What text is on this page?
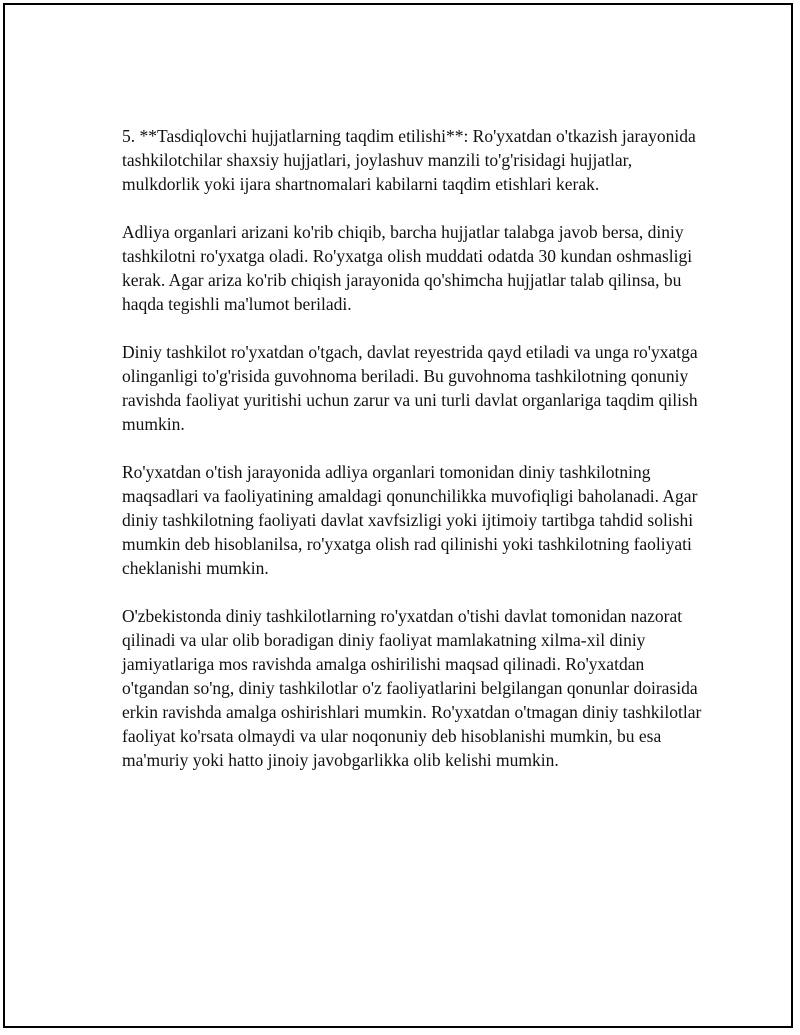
5. **Tasdiqlovchi hujjatlarning taqdim etilishi**: Ro'yxatdan o'tkazish jarayonida tashkilotchilar shaxsiy hujjatlari, joylashuv manzili to'g'risidagi hujjatlar, mulkdorlik yoki ijara shartnomalari kabilarni taqdim etishlari kerak.

Adliya organlari arizani ko'rib chiqib, barcha hujjatlar talabga javob bersa, diniy tashkilotni ro'yxatga oladi. Ro'yxatga olish muddati odatda 30 kundan oshmasligi kerak. Agar ariza ko'rib chiqish jarayonida qo'shimcha hujjatlar talab qilinsa, bu haqda tegishli ma'lumot beriladi.

Diniy tashkilot ro'yxatdan o'tgach, davlat reyestrida qayd etiladi va unga ro'yxatga olinganligi to'g'risida guvohnoma beriladi. Bu guvohnoma tashkilotning qonuniy ravishda faoliyat yuritishi uchun zarur va uni turli davlat organlariga taqdim qilish mumkin.

Ro'yxatdan o'tish jarayonida adliya organlari tomonidan diniy tashkilotning maqsadlari va faoliyatining amaldagi qonunchilikka muvofiqligi baholanadi. Agar diniy tashkilotning faoliyati davlat xavfsizligi yoki ijtimoiy tartibga tahdid solishi mumkin deb hisoblanilsa, ro'yxatga olish rad qilinishi yoki tashkilotning faoliyati cheklanishi mumkin.

O'zbekistonda diniy tashkilotlarning ro'yxatdan o'tishi davlat tomonidan nazorat qilinadi va ular olib boradigan diniy faoliyat mamlakatning xilma-xil diniy jamiyatlariga mos ravishda amalga oshirilishi maqsad qilinadi. Ro'yxatdan o'tgandan so'ng, diniy tashkilotlar o'z faoliyatlarini belgilangan qonunlar doirasida erkin ravishda amalga oshirishlari mumkin. Ro'yxatdan o'tmagan diniy tashkilotlar faoliyat ko'rsata olmaydi va ular noqonuniy deb hisoblanishi mumkin, bu esa ma'muriy yoki hatto jinoiy javobgarlikka olib kelishi mumkin.
